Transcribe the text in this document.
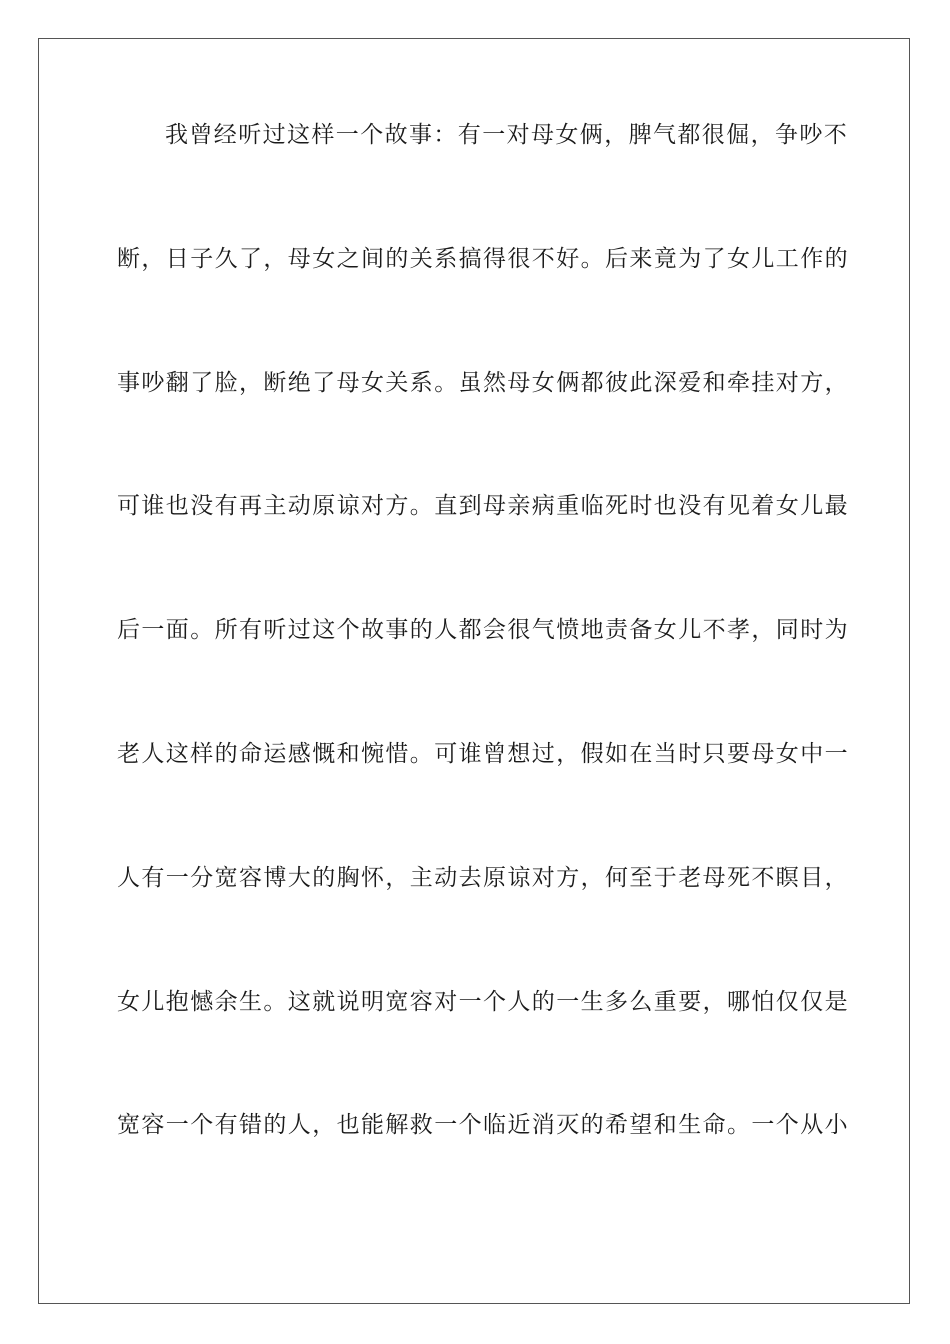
我曾经听过这样一个故事：有一对母女俩，脾气都很倔，争吵不

断，日子久了，母女之间的关系搞得很不好。后来竟为了女儿工作的

事吵翻了脸，断绝了母女关系。虽然母女俩都彼此深爱和牵挂对方，

可谁也没有再主动原谅对方。直到母亲病重临死时也没有见着女儿最

后一面。所有听过这个故事的人都会很气愤地责备女儿不孝，同时为

老人这样的命运感慨和惋惜。可谁曾想过，假如在当时只要母女中一

人有一分宽容博大的胸怀，主动去原谅对方，何至于老母死不瞑目，

女儿抱憾余生。这就说明宽容对一个人的一生多么重要，哪怕仅仅是

宽容一个有错的人，也能解救一个临近消灭的希望和生命。一个从小
